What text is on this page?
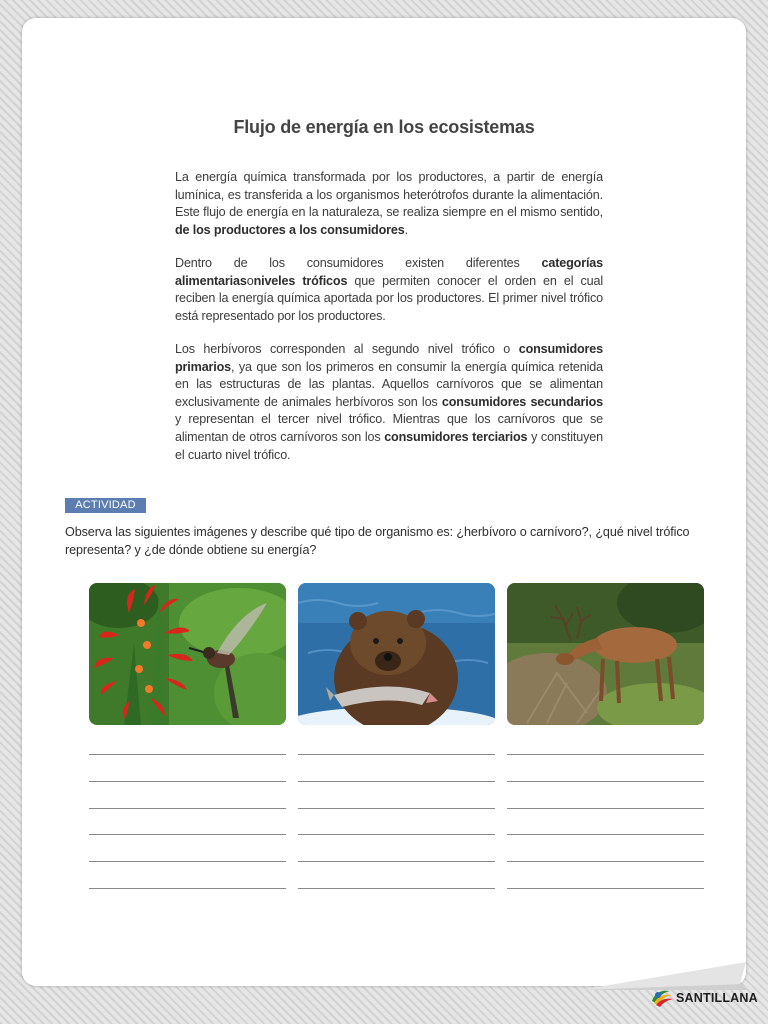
Flujo de energía en los ecosistemas
La energía química transformada por los productores, a partir de energía lumínica, es transferida a los organismos heterótrofos durante la alimentación. Este flujo de energía en la naturaleza, se realiza siempre en el mismo sentido, de los productores a los consumidores.
Dentro de los consumidores existen diferentes categorías alimentariasoniveles tróficos que permiten conocer el orden en el cual reciben la energía química aportada por los productores. El primer nivel trófico está representado por los productores.
Los herbívoros corresponden al segundo nivel trófico o consumidores primarios, ya que son los primeros en consumir la energía química retenida en las estructuras de las plantas. Aquellos carnívoros que se alimentan exclusivamente de animales herbívoros son los consumidores secundarios y representan el tercer nivel trófico. Mientras que los carnívoros que se alimentan de otros carnívoros son los consumidores terciarios y constituyen el cuarto nivel trófico.
ACTIVIDAD
Observa las siguientes imágenes y describe qué tipo de organismo es: ¿herbívoro o carnívoro?, ¿qué nivel trófico representa? y ¿de dónde obtiene su energía?
SANTILLANA
